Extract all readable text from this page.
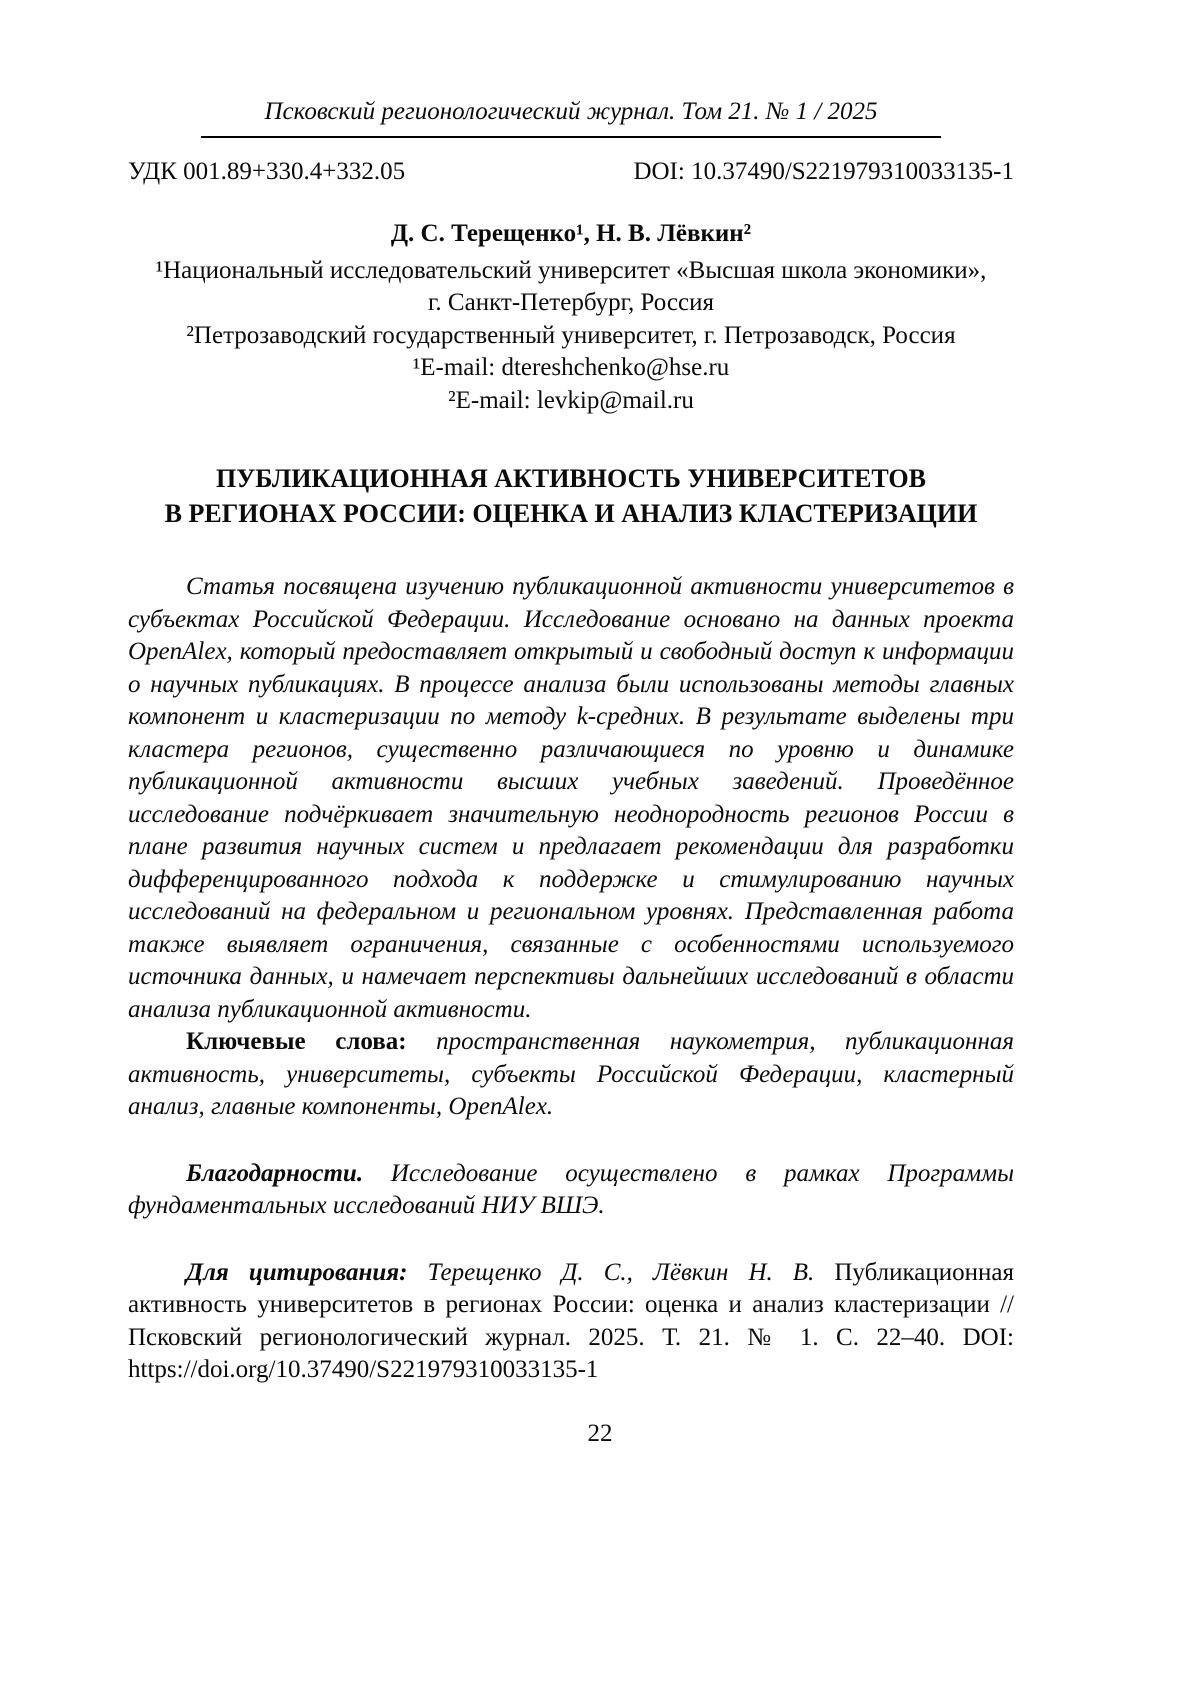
Псковский регионологический журнал. Том 21. № 1 / 2025
УДК 001.89+330.4+332.05	DOI: 10.37490/S221979310033135-1
Д. С. Терещенко¹, Н. В. Лёвкин²
¹Национальный исследовательский университет «Высшая школа экономики»,
г. Санкт-Петербург, Россия
²Петрозаводский государственный университет, г. Петрозаводск, Россия
¹E-mail: dtereshchenko@hse.ru
²E-mail: levkip@mail.ru
ПУБЛИКАЦИОННАЯ АКТИВНОСТЬ УНИВЕРСИТЕТОВ
В РЕГИОНАХ РОССИИ: ОЦЕНКА И АНАЛИЗ КЛАСТЕРИЗАЦИИ

Статья посвящена изучению публикационной активности университетов в субъектах Российской Федерации. Исследование основано на данных проекта OpenAlex, который предоставляет открытый и свободный доступ к информации о научных публикациях. В процессе анализа были использованы методы главных компонент и кластеризации по методу k-средних. В результате выделены три кластера регионов, существенно различающиеся по уровню и динамике публикационной активности высших учебных заведений. Проведённое исследование подчёркивает значительную неоднородность регионов России в плане развития научных систем и предлагает рекомендации для разработки дифференцированного подхода к поддержке и стимулированию научных исследований на федеральном и региональном уровнях. Представленная работа также выявляет ограничения, связанные с особенностями используемого источника данных, и намечает перспективы дальнейших исследований в области анализа публикационной активности.

Ключевые слова: пространственная наукометрия, публикационная активность, университеты, субъекты Российской Федерации, кластерный анализ, главные компоненты, OpenAlex.

Благодарности. Исследование осуществлено в рамках Программы фундаментальных исследований НИУ ВШЭ.

Для цитирования: Терещенко Д. С., Лёвкин Н. В. Публикационная активность университетов в регионах России: оценка и анализ кластеризации // Псковский регионологический журнал. 2025. Т. 21. № 1. С. 22–40. DOI: https://doi.org/10.37490/S221979310033135-1

22
